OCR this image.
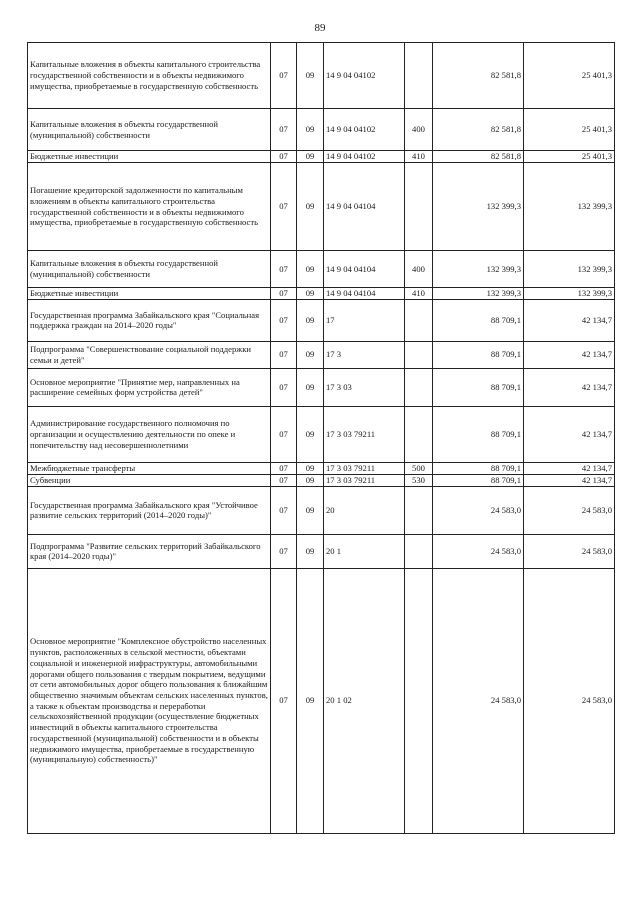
89
Капитальные вложения в объекты капитального строительства государственной собственности и в объекты недвижимого имущества, приобретаемые в государственную собственность	07	09	14 9 04 04102		82 581,8	25 401,3
Капитальные вложения в объекты государственной (муниципальной) собственности	07	09	14 9 04 04102	400	82 581,8	25 401,3
Бюджетные инвестиции	07	09	14 9 04 04102	410	82 581,8	25 401,3
Погашение кредиторской задолженности по капитальным вложениям в объекты капитального строительства государственной собственности и в объекты недвижимого имущества, приобретаемые в государственную собственность	07	09	14 9 04 04104		132 399,3	132 399,3
Капитальные вложения в объекты государственной (муниципальной) собственности	07	09	14 9 04 04104	400	132 399,3	132 399,3
Бюджетные инвестиции	07	09	14 9 04 04104	410	132 399,3	132 399,3
Государственная программа Забайкальского края "Социальная поддержка граждан на 2014–2020 годы"	07	09	17		88 709,1	42 134,7
Подпрограмма "Совершенствование социальной поддержки семьи и детей"	07	09	17 3		88 709,1	42 134,7
Основное мероприятие "Принятие мер, направленных на расширение семейных форм устройства детей"	07	09	17 3 03		88 709,1	42 134,7
Администрирование государственного полномочия по организации и осуществлению деятельности по опеке и попечительству над несовершеннолетними	07	09	17 3 03 79211		88 709,1	42 134,7
Межбюджетные трансферты	07	09	17 3 03 79211	500	88 709,1	42 134,7
Субвенции	07	09	17 3 03 79211	530	88 709,1	42 134,7
Государственная программа Забайкальского края "Устойчивое развитие сельских территорий (2014–2020 годы)"	07	09	20		24 583,0	24 583,0
Подпрограмма "Развитие сельских территорий Забайкальского края (2014–2020 годы)"	07	09	20 1		24 583,0	24 583,0
Основное мероприятие "Комплексное обустройство населенных пунктов, расположенных в сельской местности, объектами социальной и инженерной инфраструктуры, автомобильными дорогами общего пользования с твердым покрытием, ведущими от сети автомобильных дорог общего пользования к ближайшим общественно значимым объектам сельских населенных пунктов, а также к объектам производства и переработки сельскохозяйственной продукции (осуществление бюджетных инвестиций в объекты капитального строительства государственной (муниципальной) собственности и в объекты недвижимого имущества, приобретаемые в государственную (муниципальную) собственность)"	07	09	20 1 02		24 583,0	24 583,0
